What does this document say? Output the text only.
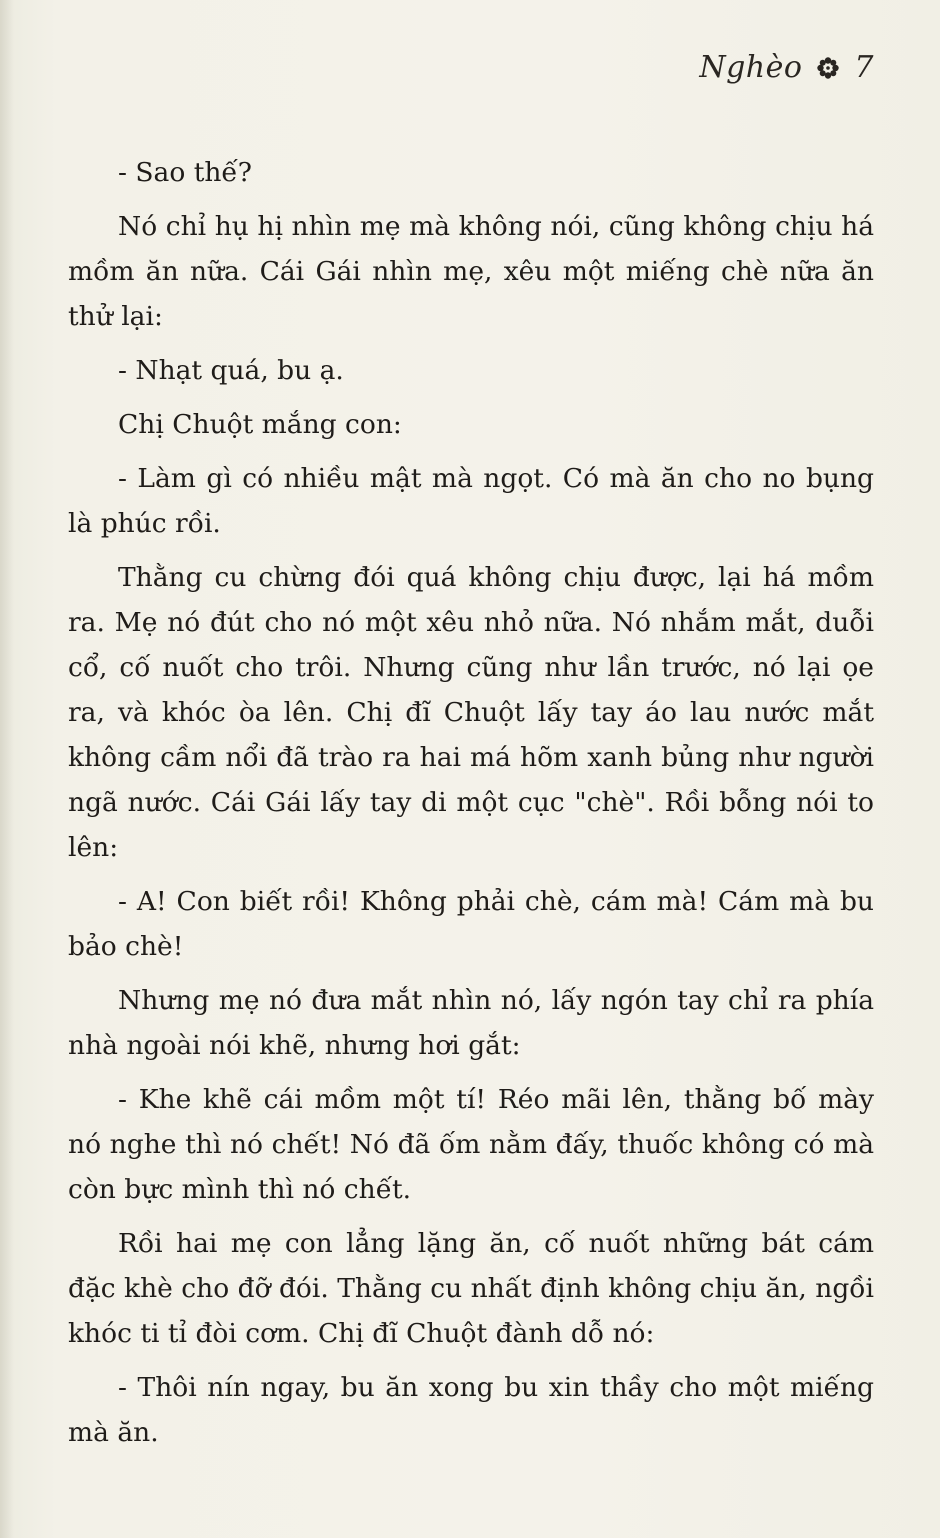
Nghèo 7

- Sao thế?

Nó chỉ hụ hị nhìn mẹ mà không nói, cũng không chịu há mồm ăn nữa. Cái Gái nhìn mẹ, xêu một miếng chè nữa ăn thử lại:

- Nhạt quá, bu ạ.

Chị Chuột mắng con:

- Làm gì có nhiều mật mà ngọt. Có mà ăn cho no bụng là phúc rồi.

Thằng cu chừng đói quá không chịu được, lại há mồm ra. Mẹ nó đút cho nó một xêu nhỏ nữa. Nó nhắm mắt, duỗi cổ, cố nuốt cho trôi. Nhưng cũng như lần trước, nó lại ọe ra, và khóc òa lên. Chị đĩ Chuột lấy tay áo lau nước mắt không cầm nổi đã trào ra hai má hõm xanh bủng như người ngã nước. Cái Gái lấy tay di một cục "chè". Rồi bỗng nói to lên:

- A! Con biết rồi! Không phải chè, cám mà! Cám mà bu bảo chè!

Nhưng mẹ nó đưa mắt nhìn nó, lấy ngón tay chỉ ra phía nhà ngoài nói khẽ, nhưng hơi gắt:

- Khe khẽ cái mồm một tí! Réo mãi lên, thằng bố mày nó nghe thì nó chết! Nó đã ốm nằm đấy, thuốc không có mà còn bực mình thì nó chết.

Rồi hai mẹ con lẳng lặng ăn, cố nuốt những bát cám đặc khè cho đỡ đói. Thằng cu nhất định không chịu ăn, ngồi khóc ti tỉ đòi cơm. Chị đĩ Chuột đành dỗ nó:

- Thôi nín ngay, bu ăn xong bu xin thầy cho một miếng mà ăn.
